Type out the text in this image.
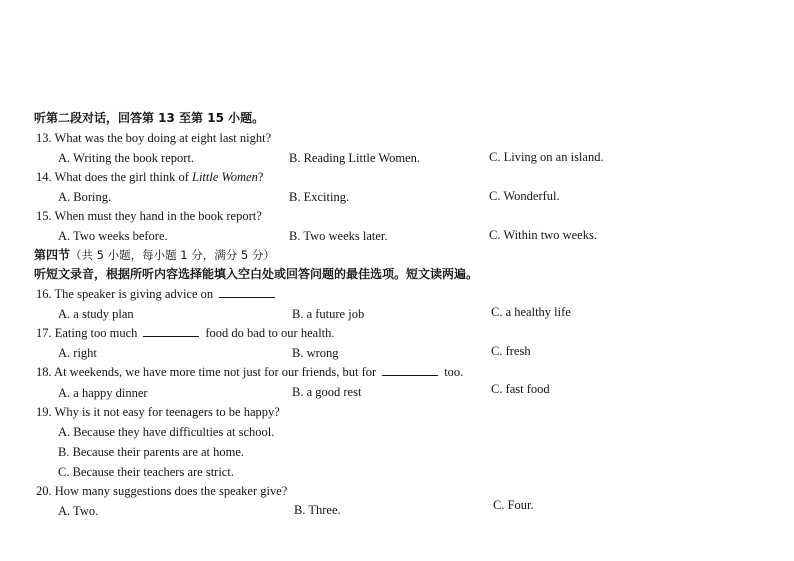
听第二段对话，回答第 13 至第 15 小题。
13. What was the boy doing at eight last night?
A. Writing the book report.	B. Reading Little Women.	C. Living on an island.
14. What does the girl think of Little Women?
A. Boring.	B. Exciting.	C. Wonderful.
15. When must they hand in the book report?
A. Two weeks before.	B. Two weeks later.	C. Within two weeks.
第四节（共 5 小题，每小题 1 分，满分 5 分）
听短文录音，根据所听内容选择能填入空白处或回答问题的最佳选项。短文读两遍。
16. The speaker is giving advice on
A. a study plan	B. a future job	C. a healthy life
17. Eating too much	food do bad to our health.
A. right	B. wrong	C. fresh
18. At weekends, we have more time not just for our friends, but for	too.
A. a happy dinner	B. a good rest	C. fast food
19. Why is it not easy for teenagers to be happy?
A. Because they have difficulties at school.
B. Because their parents are at home.
C. Because their teachers are strict.
20. How many suggestions does the speaker give?
A. Two.	B. Three.	C. Four.
